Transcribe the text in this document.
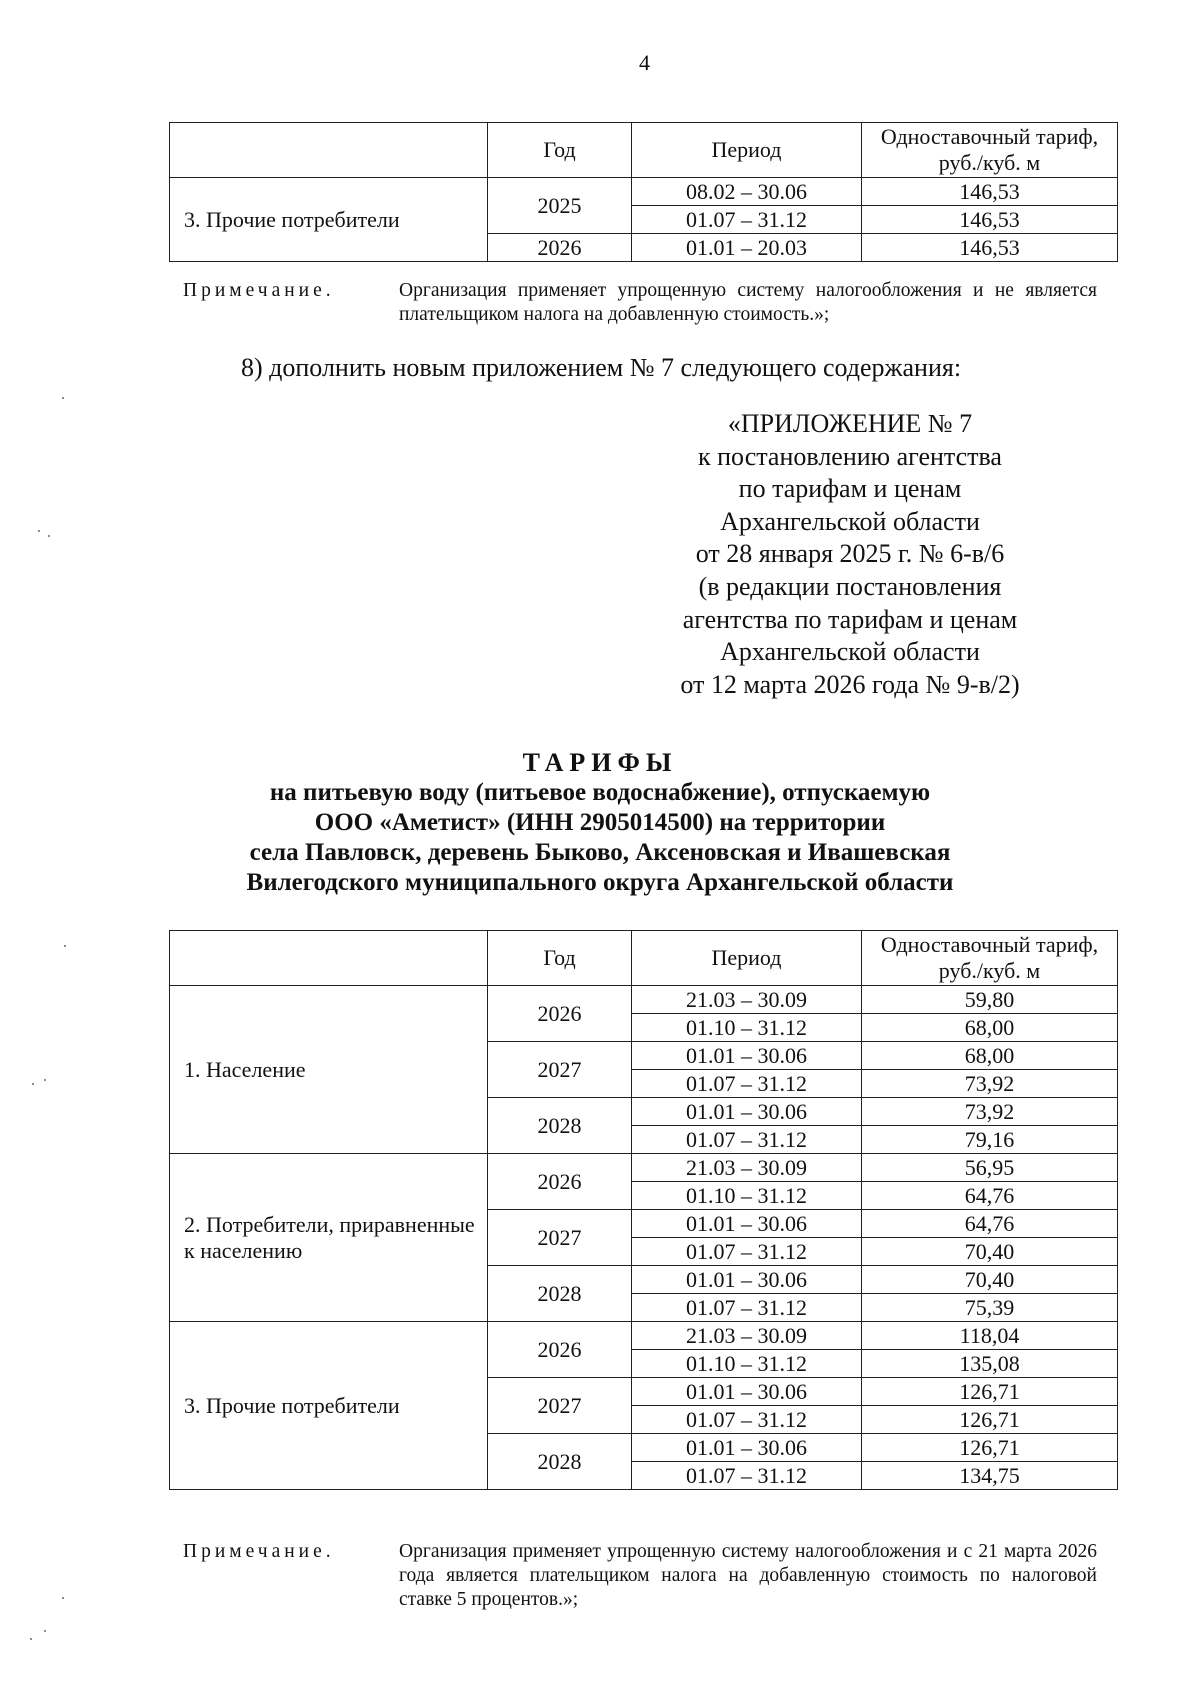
4
	Год	Период	Одноставочный тариф, руб./куб. м
3. Прочие потребители	2025	08.02 – 30.06	146,53
		01.07 – 31.12	146,53
	2026	01.01 – 20.03	146,53
Примечание.	Организация применяет упрощенную систему налогообложения и не является плательщиком налога на добавленную стоимость.»;
8) дополнить новым приложением № 7 следующего содержания:
«ПРИЛОЖЕНИЕ № 7
к постановлению агентства
по тарифам и ценам
Архангельской области
от 28 января 2025 г. № 6-в/6
(в редакции постановления
агентства по тарифам и ценам
Архангельской области
от 12 марта 2026 года № 9-в/2)
ТАРИФЫ
на питьевую воду (питьевое водоснабжение), отпускаемую
ООО «Аметист» (ИНН 2905014500) на территории
села Павловск, деревень Быково, Аксеновская и Ивашевская
Вилегодского муниципального округа Архангельской области
	Год	Период	Одноставочный тариф, руб./куб. м
1. Население	2026	21.03 – 30.09	59,80
		01.10 – 31.12	68,00
	2027	01.01 – 30.06	68,00
		01.07 – 31.12	73,92
	2028	01.01 – 30.06	73,92
		01.07 – 31.12	79,16
2. Потребители, приравненные к населению	2026	21.03 – 30.09	56,95
		01.10 – 31.12	64,76
	2027	01.01 – 30.06	64,76
		01.07 – 31.12	70,40
	2028	01.01 – 30.06	70,40
		01.07 – 31.12	75,39
3. Прочие потребители	2026	21.03 – 30.09	118,04
		01.10 – 31.12	135,08
	2027	01.01 – 30.06	126,71
		01.07 – 31.12	126,71
	2028	01.01 – 30.06	126,71
		01.07 – 31.12	134,75
Примечание.	Организация применяет упрощенную систему налогообложения и с 21 марта 2026 года является плательщиком налога на добавленную стоимость по налоговой ставке 5 процентов.»;
